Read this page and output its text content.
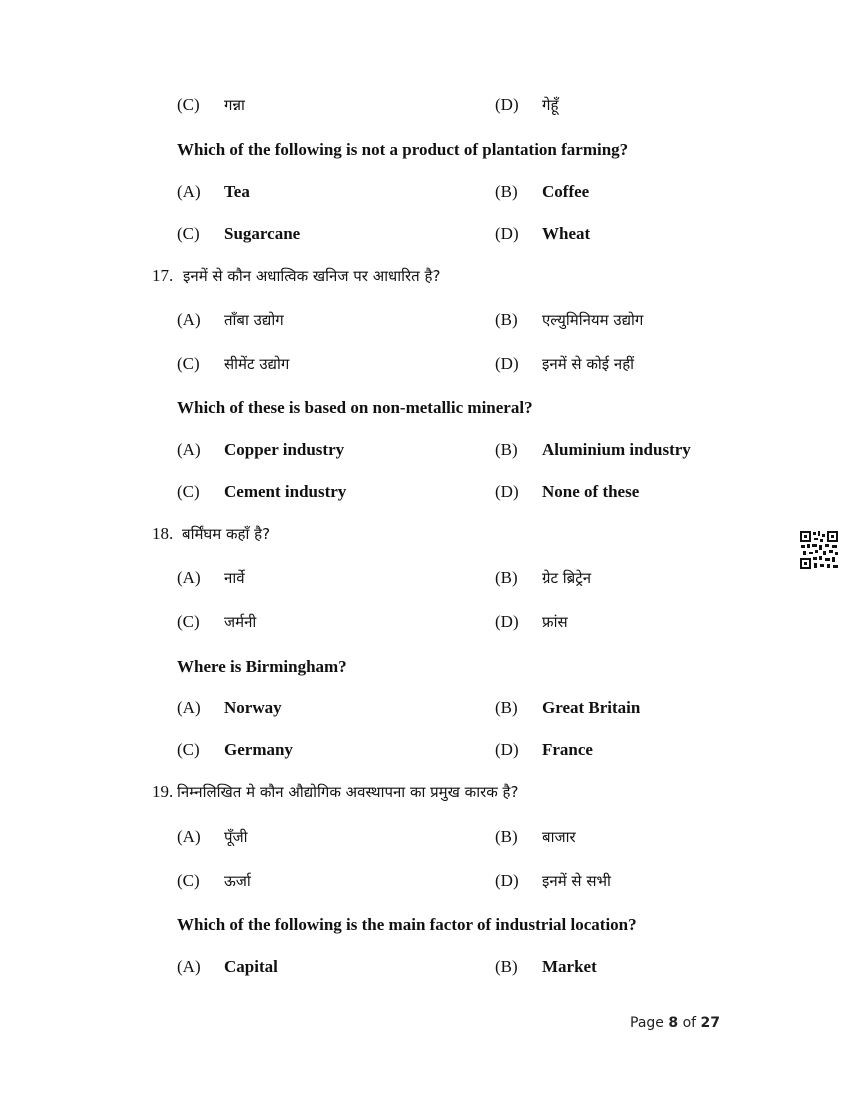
(C) गन्ना	(D) गेहूँ
Which of the following is not a product of plantation farming?
(A) Tea	(B) Coffee
(C) Sugarcane	(D) Wheat
17. इनमें से कौन अधात्विक खनिज पर आधारित है?
(A) ताँबा उद्योग	(B) एल्युमिनियम उद्योग
(C) सीमेंट उद्योग	(D) इनमें से कोई नहीं
Which of these is based on non-metallic mineral?
(A) Copper industry	(B) Aluminium industry
(C) Cement industry	(D) None of these
18. बर्मिंघम कहाँ है?
(A) नार्वे	(B) ग्रेट ब्रिट्रेन
(C) जर्मनी	(D) फ्रांस
Where is Birmingham?
(A) Norway	(B) Great Britain
(C) Germany	(D) France
19. निम्नलिखित मे कौन औद्योगिक अवस्थापना का प्रमुख कारक है?
(A) पूँजी	(B) बाजार
(C) ऊर्जा	(D) इनमें से सभी
Which of the following is the main factor of industrial location?
(A) Capital	(B) Market
Page 8 of 27
